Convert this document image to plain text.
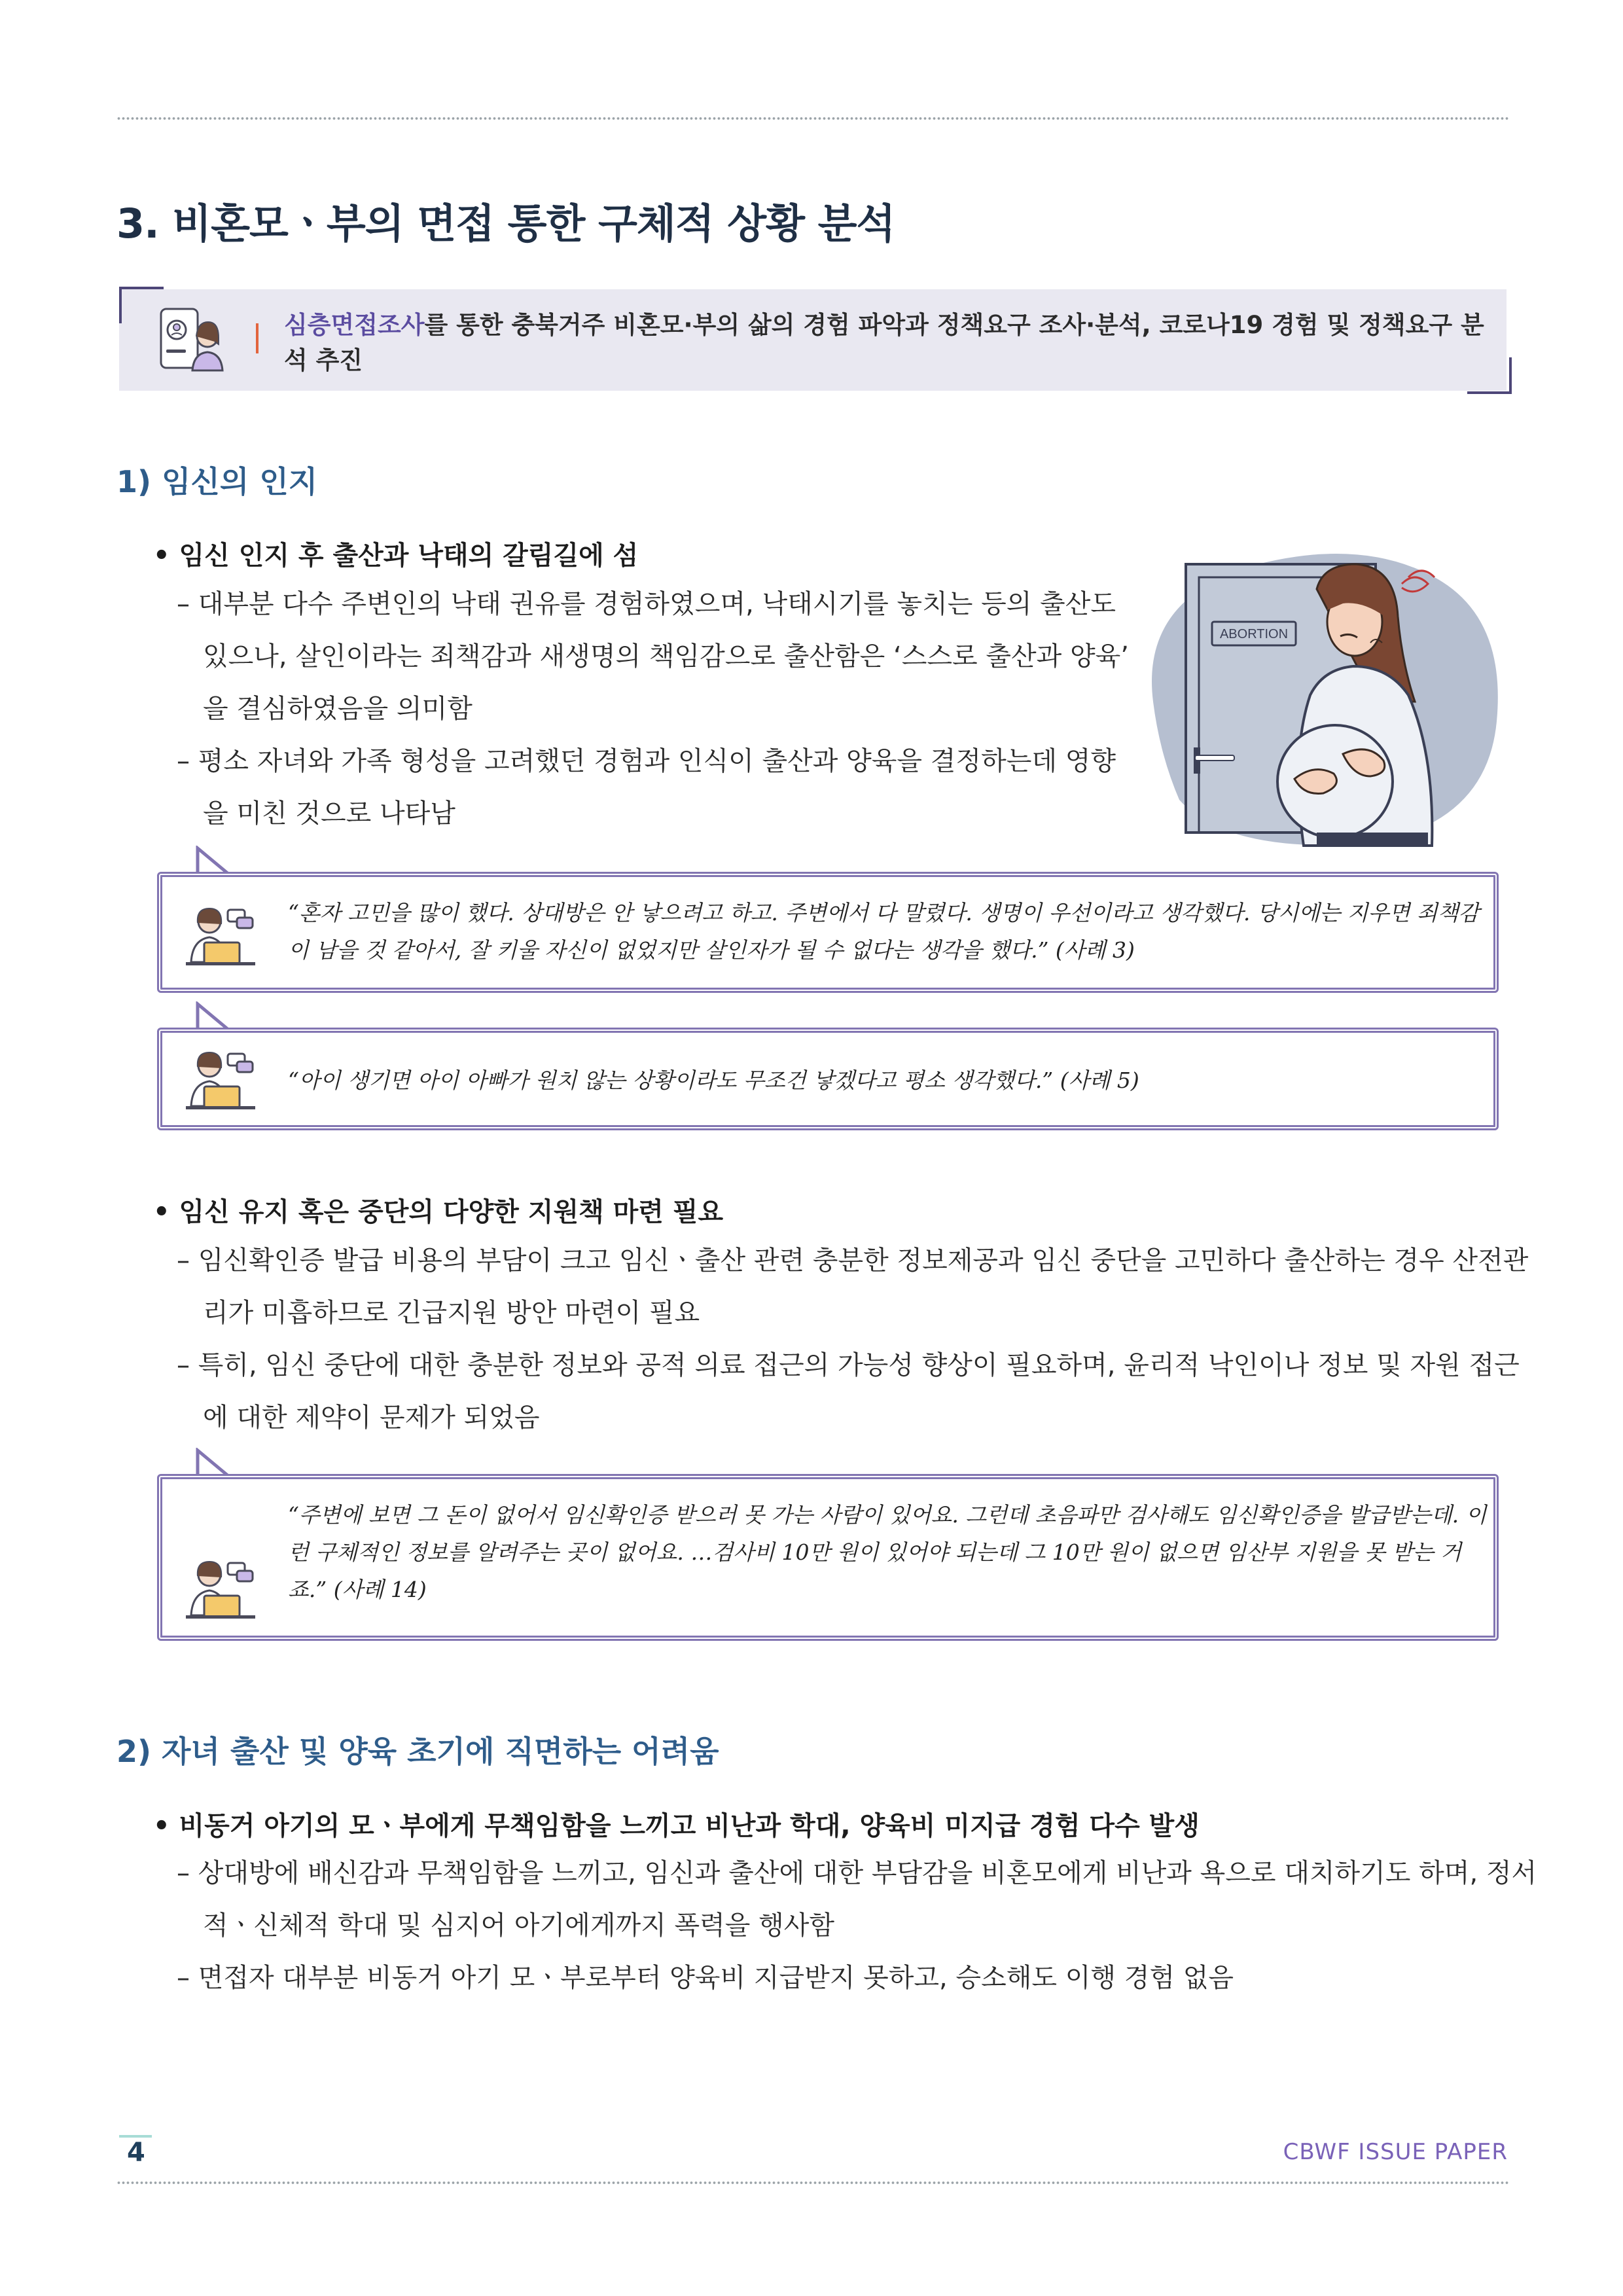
3. 비혼모ㆍ부의 면접 통한 구체적 상황 분석
심층면접조사를 통한 충북거주 비혼모·부의 삶의 경험 파악과 정책요구 조사·분석, 코로나19 경험 및 정책요구 분석 추진
1) 임신의 인지
• 임신 인지 후 출산과 낙태의 갈림길에 섬
– 대부분 다수 주변인의 낙태 권유를 경험하였으며, 낙태시기를 놓치는 등의 출산도 있으나, 살인이라는 죄책감과 새생명의 책임감으로 출산함은 ‘스스로 출산과 양육’ 을 결심하였음을 의미함
– 평소 자녀와 가족 형성을 고려했던 경험과 인식이 출산과 양육을 결정하는데 영향을 미친 것으로 나타남
ABORTION
“혼자 고민을 많이 했다. 상대방은 안 낳으려고 하고. 주변에서 다 말렸다. 생명이 우선이라고 생각했다. 당시에는 지우면 죄책감이 남을 것 같아서, 잘 키울 자신이 없었지만 살인자가 될 수 없다는 생각을 했다.” (사례 3)
“아이 생기면 아이 아빠가 원치 않는 상황이라도 무조건 낳겠다고 평소 생각했다.” (사례 5)
• 임신 유지 혹은 중단의 다양한 지원책 마련 필요
– 임신확인증 발급 비용의 부담이 크고 임신ㆍ출산 관련 충분한 정보제공과 임신 중단을 고민하다 출산하는 경우 산전관리가 미흡하므로 긴급지원 방안 마련이 필요
– 특히, 임신 중단에 대한 충분한 정보와 공적 의료 접근의 가능성 향상이 필요하며, 윤리적 낙인이나 정보 및 자원 접근에 대한 제약이 문제가 되었음
“주변에 보면 그 돈이 없어서 임신확인증 받으러 못 가는 사람이 있어요. 그런데 초음파만 검사해도 임신확인증을 발급받는데. 이런 구체적인 정보를 알려주는 곳이 없어요. …검사비 10만 원이 있어야 되는데 그 10만 원이 없으면 임산부 지원을 못 받는 거죠.” (사례 14)
2) 자녀 출산 및 양육 초기에 직면하는 어려움
• 비동거 아기의 모ㆍ부에게 무책임함을 느끼고 비난과 학대, 양육비 미지급 경험 다수 발생
– 상대방에 배신감과 무책임함을 느끼고, 임신과 출산에 대한 부담감을 비혼모에게 비난과 욕으로 대치하기도 하며, 정서적ㆍ신체적 학대 및 심지어 아기에게까지 폭력을 행사함
– 면접자 대부분 비동거 아기 모ㆍ부로부터 양육비 지급받지 못하고, 승소해도 이행 경험 없음
4	CBWF ISSUE PAPER
